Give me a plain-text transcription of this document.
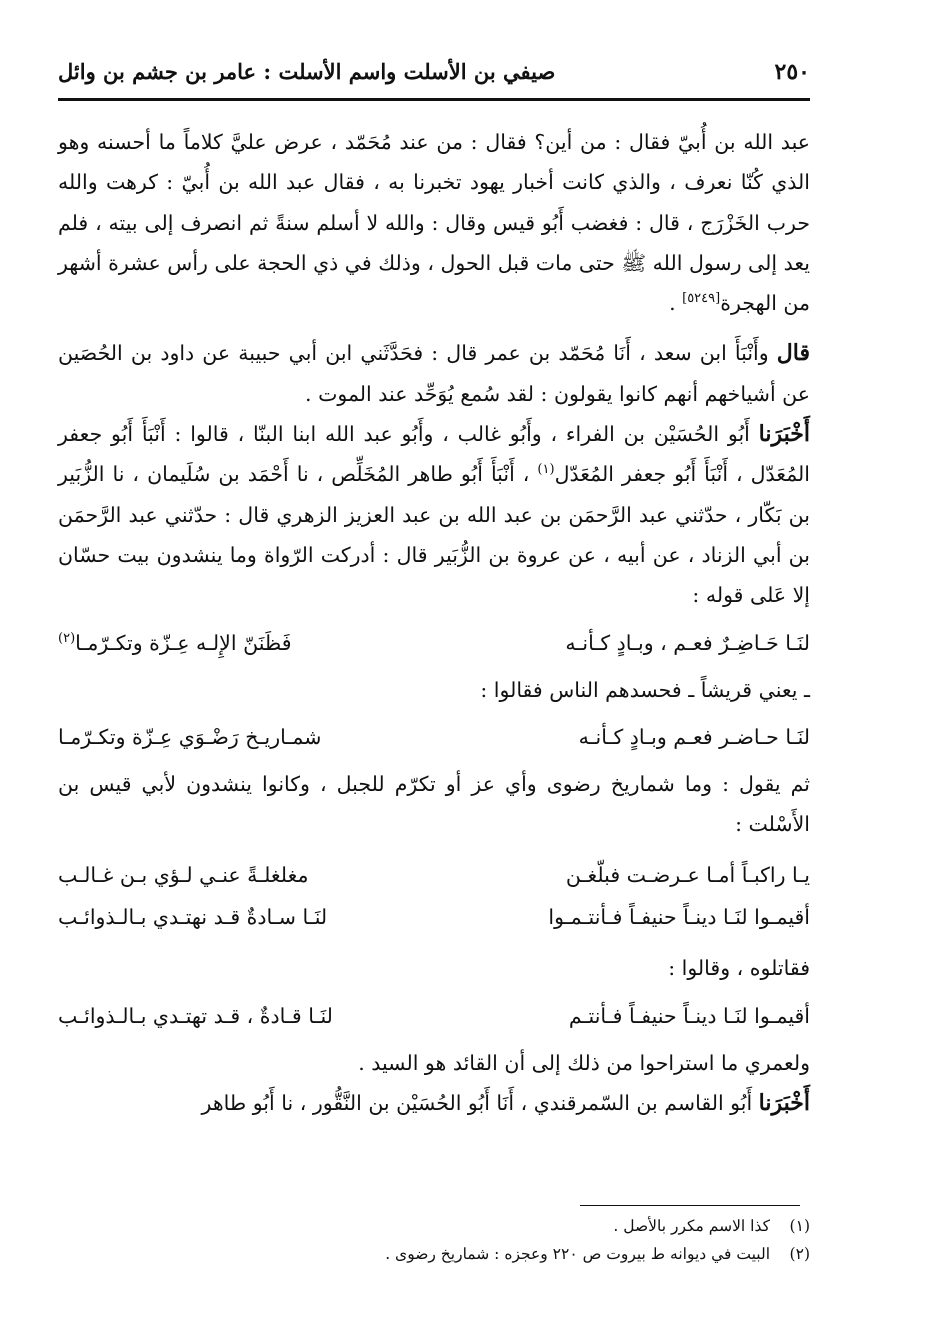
٢٥٠
صيفي بن الأسلت واسم الأسلت : عامر بن جشم بن وائل

عبد الله بن أُبيّ فقال : من أين؟ فقال : من عند مُحَمّد ، عرض عليَّ كلاماً ما أحسنه وهو الذي كُنّا نعرف ، والذي كانت أخبار يهود تخبرنا به ، فقال عبد الله بن أُبيّ : كرهت والله حرب الخَزْرَج ، قال : فغضب أَبُو قيس وقال : والله لا أسلم سنةً ثم انصرف إلى بيته ، فلم يعد إلى رسول الله ﷺ حتى مات قبل الحول ، وذلك في ذي الحجة على رأس عشرة أشهر من الهجرة[٥٢٤٩] .

قال وأَنْبَأَ ابن سعد ، أَنَا مُحَمّد بن عمر قال : فحَدَّثَني ابن أبي حبيبة عن داود بن الحُصَين عن أشياخهم أنهم كانوا يقولون : لقد سُمع يُوَحِّد عند الموت .

أَخْبَرَنا أَبُو الحُسَيْن بن الفراء ، وأَبُو غالب ، وأَبُو عبد الله ابنا البنّا ، قالوا : أَنْبَأَ أَبُو جعفر المُعَدّل ، أَنْبَأَ أَبُو جعفر المُعَدّل$^{(١)}$ ، أَنْبَأَ أَبُو طاهر المُخَلِّص ، نا أَحْمَد بن سُلَيمان ، نا الزُّبَير بن بَكّار ، حدّثني عبد الرَّحمَن بن عبد الله بن عبد العزيز الزهري قال : حدّثني عبد الرَّحمَن بن أبي الزناد ، عن أبيه ، عن عروة بن الزُّبَير قال : أدركت الرّواة وما ينشدون بيت حسّان إلا عَلى قوله :

لنَـا حَـاضِـرٌ فعـم ، وبـادٍ كـأنـه
فَظَنَنّ الإِلـه عِـزّة وتكـرّمـا$^{(٢)}$

ـ يعني قريشاً ـ فحسدهم الناس فقالوا :

لنَـا حـاضـر فعـم وبـادٍ كـأنـه
شمـاريـخ رَضْـوَي عِـزّة وتكـرّمـا

ثم يقول : وما شماريخ رضوى وأي عز أو تكرّم للجبل ، وكانوا ينشدون لأبي قيس بن الأَسْلت :

يـا راكبـاً أمـا عـرضـت فبلّغـن
مغلغلـةً عنـي لـؤي بـن غـالـب
أقيمـوا لنَـا دينـاً حنيفـاً فـأنتـمـوا
لنَـا سـادةٌ قـد نهتـدي بـالـذوائـب

فقاتلوه ، وقالوا :

أقيمـوا لنَـا دينـاً حنيفـاً فـأنتـم
لنَـا قـادةٌ ، قـد تهتـدي بـالـذوائـب

ولعمري ما استراحوا من ذلك إلى أن القائد هو السيد .

أَخْبَرَنا أَبُو القاسم بن السّمرقندي ، أَنَا أَبُو الحُسَيْن بن النَّقُّور ، نا أَبُو طاهر

(١)
كذا الاسم مكرر بالأصل .
(٢)
البيت في ديوانه ط بيروت ص ٢٢٠ وعجزه : شماريخ رضوى .
